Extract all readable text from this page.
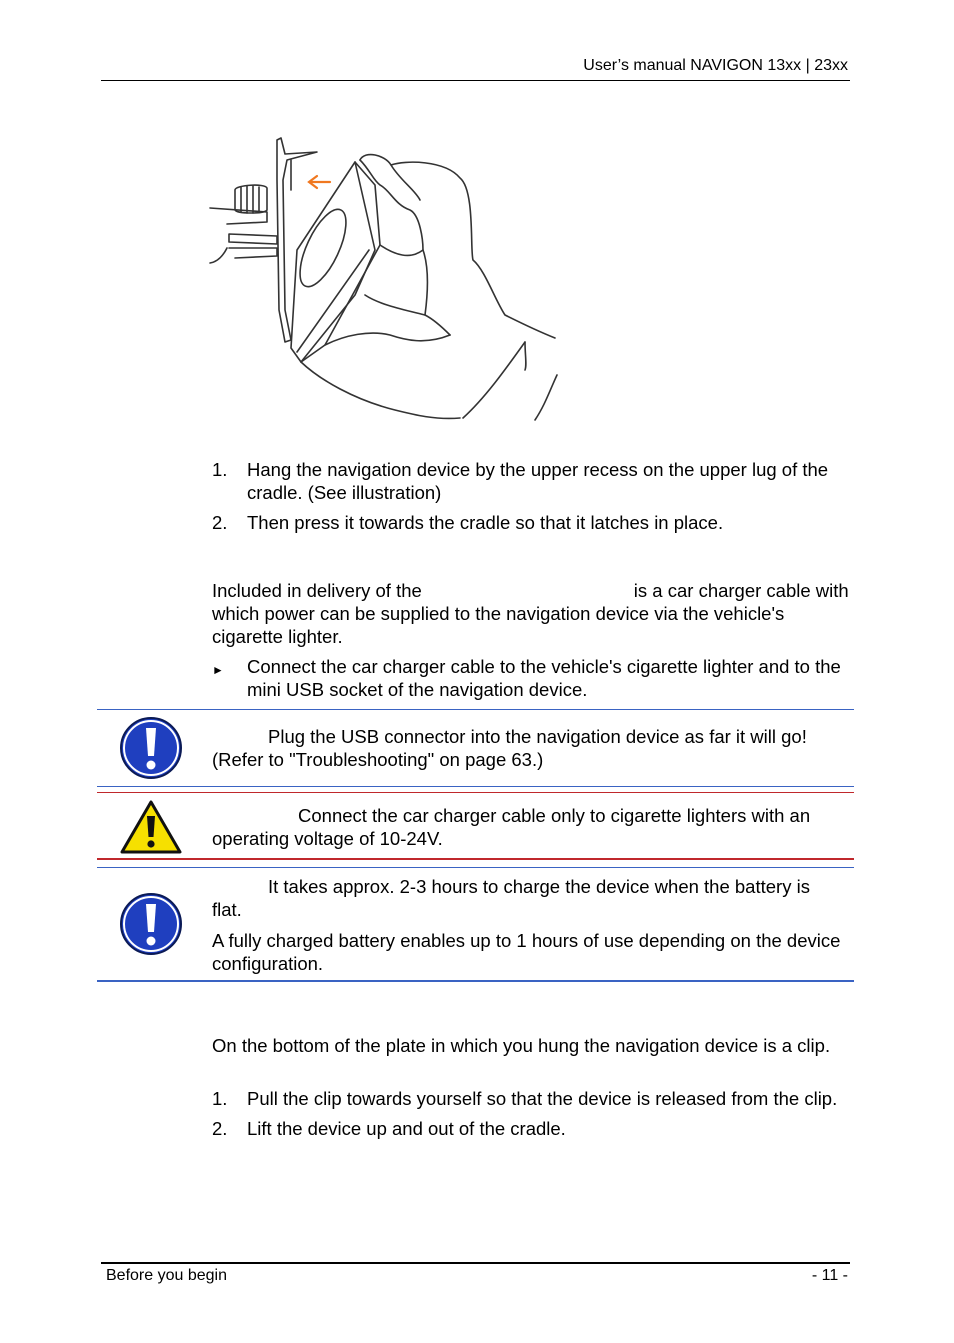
User’s manual NAVIGON 13xx | 23xx
1. Hang the navigation device by the upper recess on the upper lug of the cradle. (See illustration)
2. Then press it towards the cradle so that it latches in place.
Included in delivery of the	is a car charger cable with which power can be supplied to the navigation device via the vehicle's cigarette lighter.
► Connect the car charger cable to the vehicle's cigarette lighter and to the mini USB socket of the navigation device.
Plug the USB connector into the navigation device as far it will go! (Refer to "Troubleshooting" on page 63.)
Connect the car charger cable only to cigarette lighters with an operating voltage of 10-24V.
It takes approx. 2-3 hours to charge the device when the battery is flat.
A fully charged battery enables up to 1 hours of use depending on the device configuration.
On the bottom of the plate in which you hung the navigation device is a clip.
1. Pull the clip towards yourself so that the device is released from the clip.
2. Lift the device up and out of the cradle.
Before you begin	- 11 -
